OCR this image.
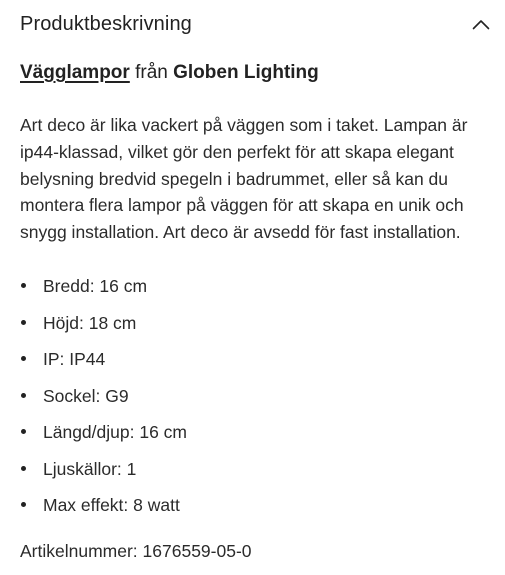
Produktbeskrivning
Vägglampor från Globen Lighting

Art deco är lika vackert på väggen som i taket. Lampan är ip44-klassad, vilket gör den perfekt för att skapa elegant belysning bredvid spegeln i badrummet, eller så kan du montera flera lampor på väggen för att skapa en unik och snygg installation. Art deco är avsedd för fast installation.

Bredd: 16 cm
Höjd: 18 cm
IP: IP44
Sockel: G9
Längd/djup: 16 cm
Ljuskällor: 1
Max effekt: 8 watt
Artikelnummer: 1676559-05-0
